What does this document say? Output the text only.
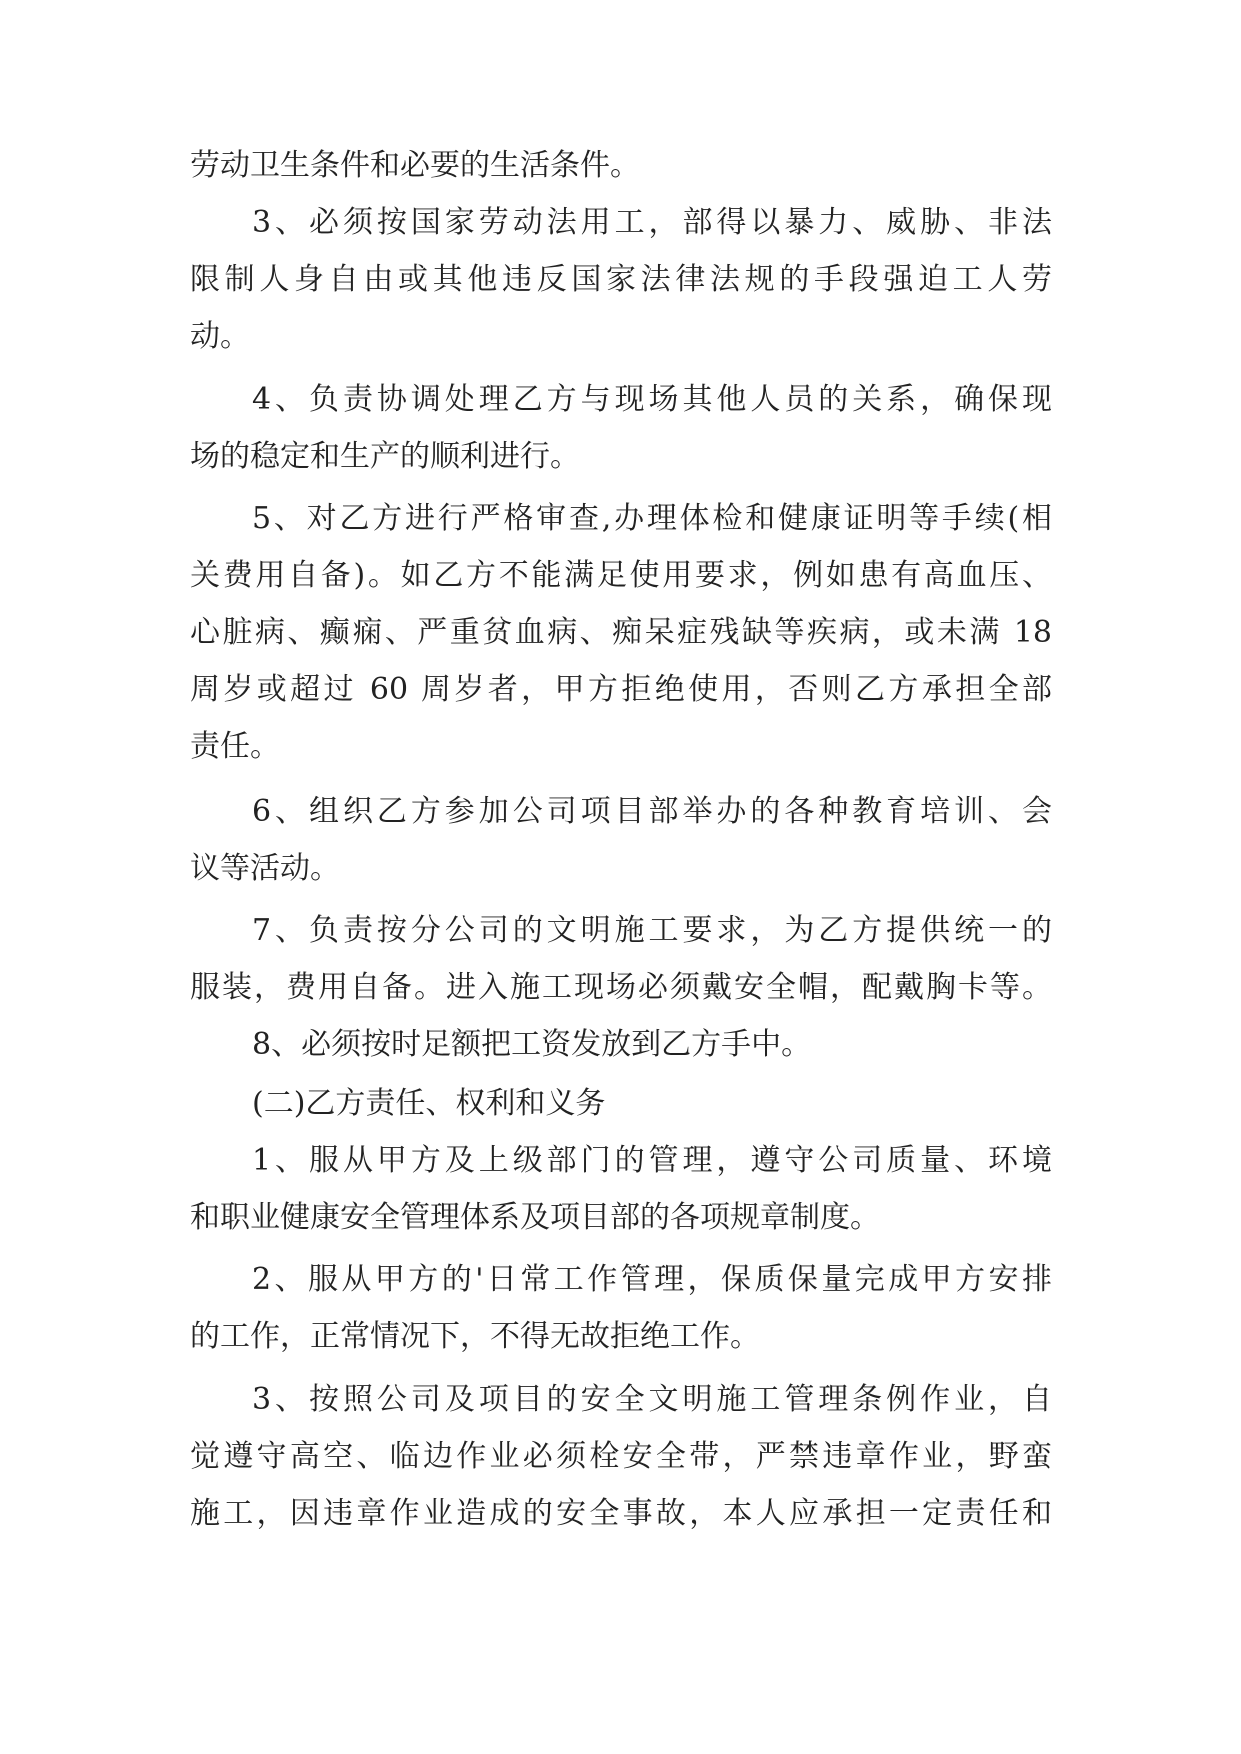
劳动卫生条件和必要的生活条件。
3、必须按国家劳动法用工，部得以暴力、威胁、非法
限制人身自由或其他违反国家法律法规的手段强迫工人劳
动。
4、负责协调处理乙方与现场其他人员的关系，确保现
场的稳定和生产的顺利进行。
5、对乙方进行严格审查,办理体检和健康证明等手续(相
关费用自备)。如乙方不能满足使用要求，例如患有高血压、
心脏病、癫痫、严重贫血病、痴呆症残缺等疾病，或未满 18
周岁或超过 60 周岁者，甲方拒绝使用，否则乙方承担全部
责任。
6、组织乙方参加公司项目部举办的各种教育培训、会
议等活动。
7、负责按分公司的文明施工要求，为乙方提供统一的
服装，费用自备。进入施工现场必须戴安全帽，配戴胸卡等。
8、必须按时足额把工资发放到乙方手中。
(二)乙方责任、权利和义务
1、服从甲方及上级部门的管理，遵守公司质量、环境
和职业健康安全管理体系及项目部的各项规章制度。
2、服从甲方的'日常工作管理，保质保量完成甲方安排
的工作，正常情况下，不得无故拒绝工作。
3、按照公司及项目的安全文明施工管理条例作业，自
觉遵守高空、临边作业必须栓安全带，严禁违章作业，野蛮
施工，因违章作业造成的安全事故，本人应承担一定责任和
